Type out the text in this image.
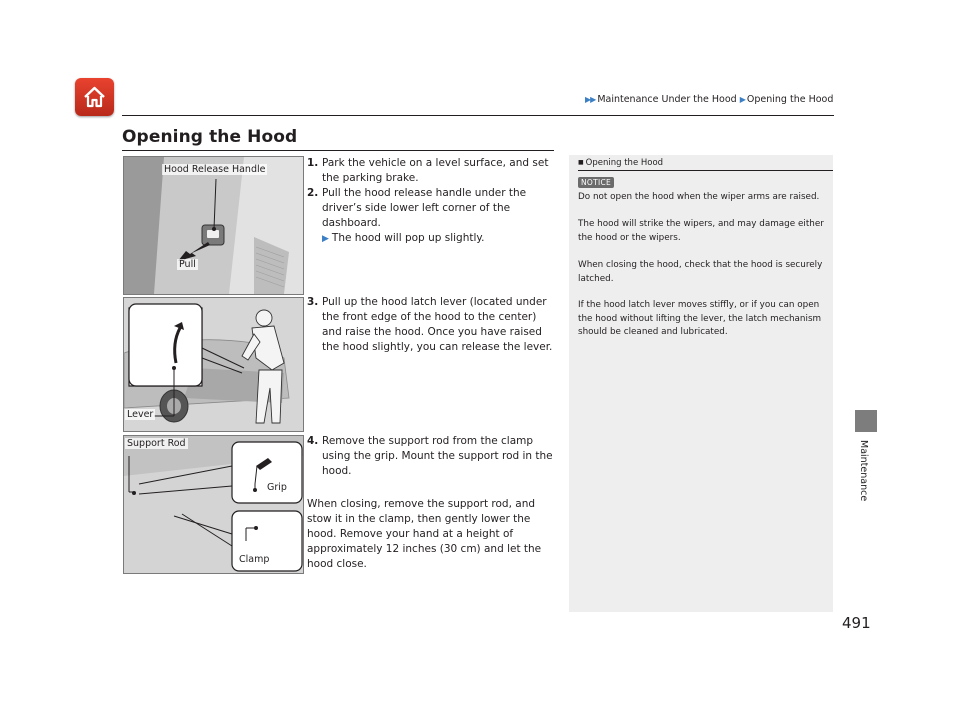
▶▶ Maintenance Under the Hood ▶ Opening the Hood
Opening the Hood
Hood Release Handle
Pull
Lever
Support Rod
Grip
Clamp
1. Park the vehicle on a level surface, and set the parking brake.
2. Pull the hood release handle under the driver’s side lower left corner of the dashboard.
▶ The hood will pop up slightly.
3. Pull up the hood latch lever (located under the front edge of the hood to the center) and raise the hood. Once you have raised the hood slightly, you can release the lever.
4. Remove the support rod from the clamp using the grip. Mount the support rod in the hood.
When closing, remove the support rod, and stow it in the clamp, then gently lower the hood. Remove your hand at a height of approximately 12 inches (30 cm) and let the hood close.
■ Opening the Hood
NOTICE
Do not open the hood when the wiper arms are raised.
The hood will strike the wipers, and may damage either the hood or the wipers.
When closing the hood, check that the hood is securely latched.
If the hood latch lever moves stiffly, or if you can open the hood without lifting the lever, the latch mechanism should be cleaned and lubricated.
Maintenance
491
